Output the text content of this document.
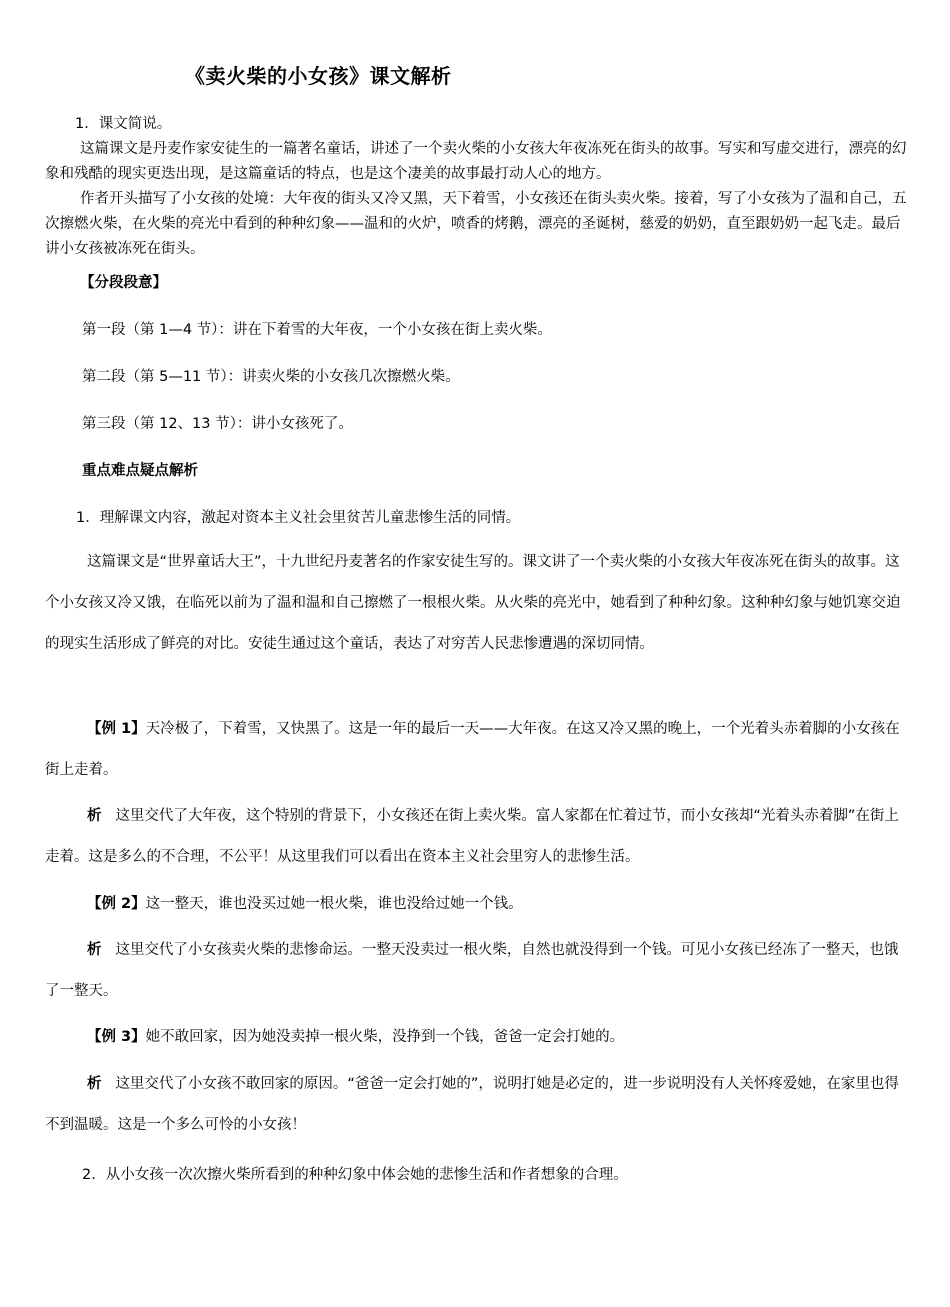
《卖火柴的小女孩》课文解析

1．课文简说。

这篇课文是丹麦作家安徒生的一篇著名童话，讲述了一个卖火柴的小女孩大年夜冻死在街头的故事。写实和写虚交进行，漂亮的幻象和残酷的现实更迭出现，是这篇童话的特点，也是这个凄美的故事最打动人心的地方。

作者开头描写了小女孩的处境：大年夜的街头又冷又黑，天下着雪，小女孩还在街头卖火柴。接着，写了小女孩为了温和自己，五次擦燃火柴，在火柴的亮光中看到的种种幻象——温和的火炉，喷香的烤鹅，漂亮的圣诞树，慈爱的奶奶，直至跟奶奶一起飞走。最后讲小女孩被冻死在街头。

【分段段意】
第一段（第 1—4 节）：讲在下着雪的大年夜，一个小女孩在街上卖火柴。
第二段（第 5—11 节）：讲卖火柴的小女孩几次擦燃火柴。
第三段（第 12、13 节）：讲小女孩死了。
重点难点疑点解析
1．理解课文内容，激起对资本主义社会里贫苦儿童悲惨生活的同情。

这篇课文是“世界童话大王”，十九世纪丹麦著名的作家安徒生写的。课文讲了一个卖火柴的小女孩大年夜冻死在街头的故事。这个小女孩又冷又饿，在临死以前为了温和温和自己擦燃了一根根火柴。从火柴的亮光中，她看到了种种幻象。这种种幻象与她饥寒交迫的现实生活形成了鲜亮的对比。安徒生通过这个童话，表达了对穷苦人民悲惨遭遇的深切同情。

【例 1】天冷极了，下着雪，又快黑了。这是一年的最后一天——大年夜。在这又冷又黑的晚上，一个光着头赤着脚的小女孩在街上走着。

析 这里交代了大年夜，这个特别的背景下，小女孩还在街上卖火柴。富人家都在忙着过节，而小女孩却“光着头赤着脚”在街上走着。这是多么的不合理，不公平！从这里我们可以看出在资本主义社会里穷人的悲惨生活。

【例 2】这一整天，谁也没买过她一根火柴，谁也没给过她一个钱。

析 这里交代了小女孩卖火柴的悲惨命运。一整天没卖过一根火柴，自然也就没得到一个钱。可见小女孩已经冻了一整天，也饿了一整天。

【例 3】她不敢回家，因为她没卖掉一根火柴，没挣到一个钱，爸爸一定会打她的。

析 这里交代了小女孩不敢回家的原因。“爸爸一定会打她的”，说明打她是必定的，进一步说明没有人关怀疼爱她，在家里也得不到温暖。这是一个多么可怜的小女孩！

2．从小女孩一次次擦火柴所看到的种种幻象中体会她的悲惨生活和作者想象的合理。
